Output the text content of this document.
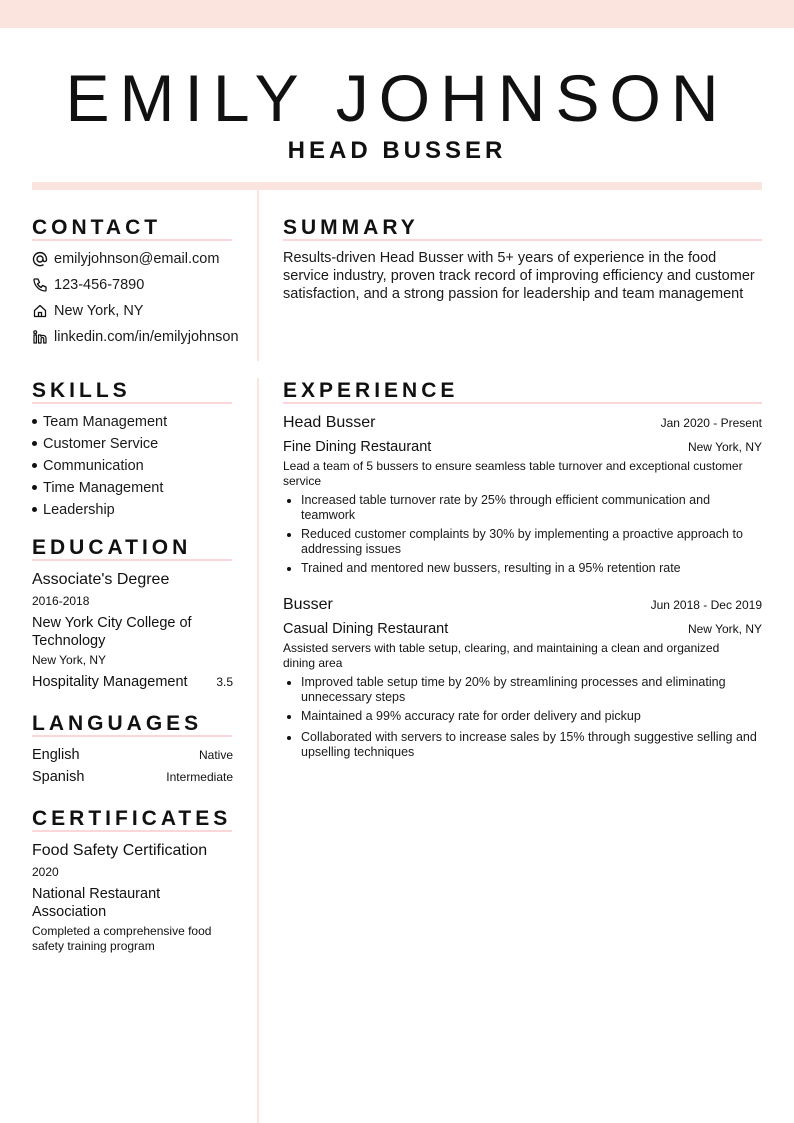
EMILY JOHNSON
HEAD BUSSER
CONTACT
emilyjohnson@email.com
123-456-7890
New York, NY
linkedin.com/in/emilyjohnson
SUMMARY

Results-driven Head Busser with 5+ years of experience in the food service industry, proven track record of improving efficiency and customer satisfaction, and a strong passion for leadership and team management

SKILLS
Team Management
Customer Service
Communication
Time Management
Leadership
EDUCATION
Associate's Degree
2016-2018
New York City College of Technology
New York, NY
Hospitality Management	3.5
LANGUAGES
English	Native
Spanish	Intermediate
CERTIFICATES
Food Safety Certification
2020
National Restaurant Association
Completed a comprehensive food safety training program
EXPERIENCE
Head Busser	Jan 2020 - Present
Fine Dining Restaurant	New York, NY
Lead a team of 5 bussers to ensure seamless table turnover and exceptional customer service
Increased table turnover rate by 25% through efficient communication and teamwork
Reduced customer complaints by 30% by implementing a proactive approach to addressing issues
Trained and mentored new bussers, resulting in a 95% retention rate
Busser	Jun 2018 - Dec 2019
Casual Dining Restaurant	New York, NY
Assisted servers with table setup, clearing, and maintaining a clean and organized dining area
Improved table setup time by 20% by streamlining processes and eliminating unnecessary steps
Maintained a 99% accuracy rate for order delivery and pickup
Collaborated with servers to increase sales by 15% through suggestive selling and upselling techniques
